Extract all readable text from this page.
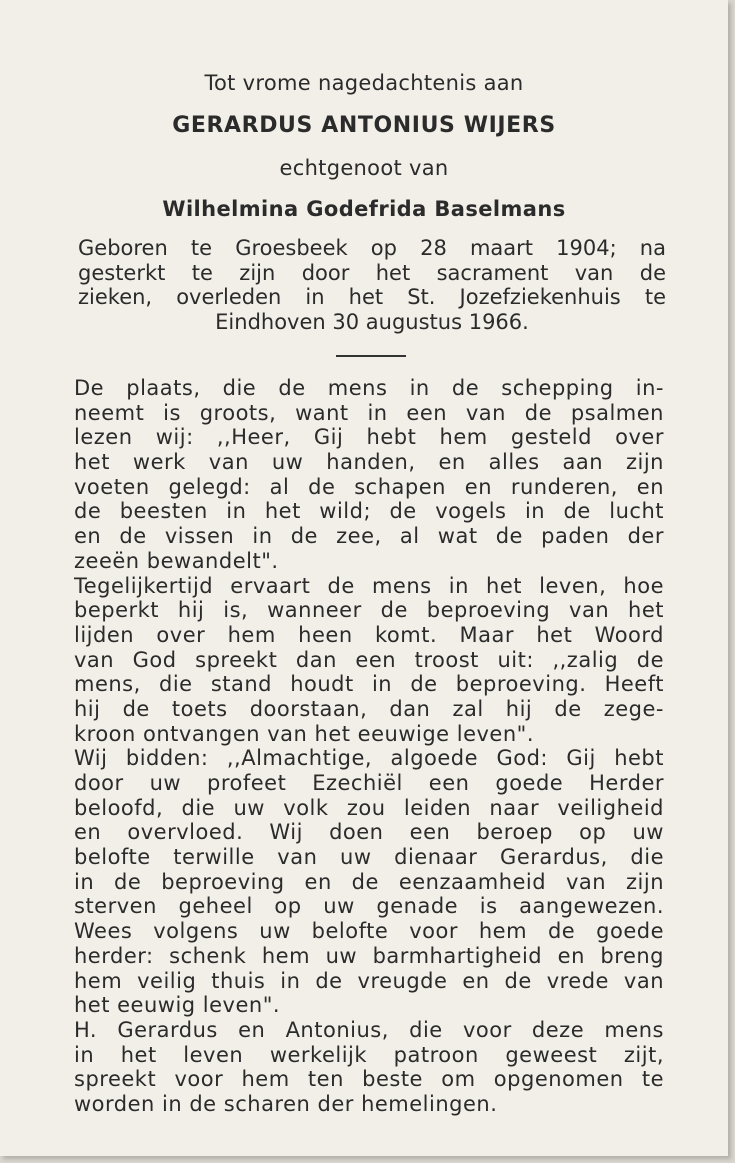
Tot vrome nagedachtenis aan
GERARDUS ANTONIUS WIJERS
echtgenoot van
Wilhelmina Godefrida Baselmans
Geboren te Groesbeek op 28 maart 1904; na
gesterkt te zijn door het sacrament van de
zieken, overleden in het St. Jozefziekenhuis te
Eindhoven 30 augustus 1966.
De plaats, die de mens in de schepping in-
neemt is groots, want in een van de psalmen
lezen wij: ,,Heer, Gij hebt hem gesteld over
het werk van uw handen, en alles aan zijn
voeten gelegd: al de schapen en runderen, en
de beesten in het wild; de vogels in de lucht
en de vissen in de zee, al wat de paden der
zeeën bewandelt".
Tegelijkertijd ervaart de mens in het leven, hoe
beperkt hij is, wanneer de beproeving van het
lijden over hem heen komt. Maar het Woord
van God spreekt dan een troost uit: ,,zalig de
mens, die stand houdt in de beproeving. Heeft
hij de toets doorstaan, dan zal hij de zege-
kroon ontvangen van het eeuwige leven".
Wij bidden: ,,Almachtige, algoede God: Gij hebt
door uw profeet Ezechiël een goede Herder
beloofd, die uw volk zou leiden naar veiligheid
en overvloed. Wij doen een beroep op uw
belofte terwille van uw dienaar Gerardus, die
in de beproeving en de eenzaamheid van zijn
sterven geheel op uw genade is aangewezen.
Wees volgens uw belofte voor hem de goede
herder: schenk hem uw barmhartigheid en breng
hem veilig thuis in de vreugde en de vrede van
het eeuwig leven".
H. Gerardus en Antonius, die voor deze mens
in het leven werkelijk patroon geweest zijt,
spreekt voor hem ten beste om opgenomen te
worden in de scharen der hemelingen.
